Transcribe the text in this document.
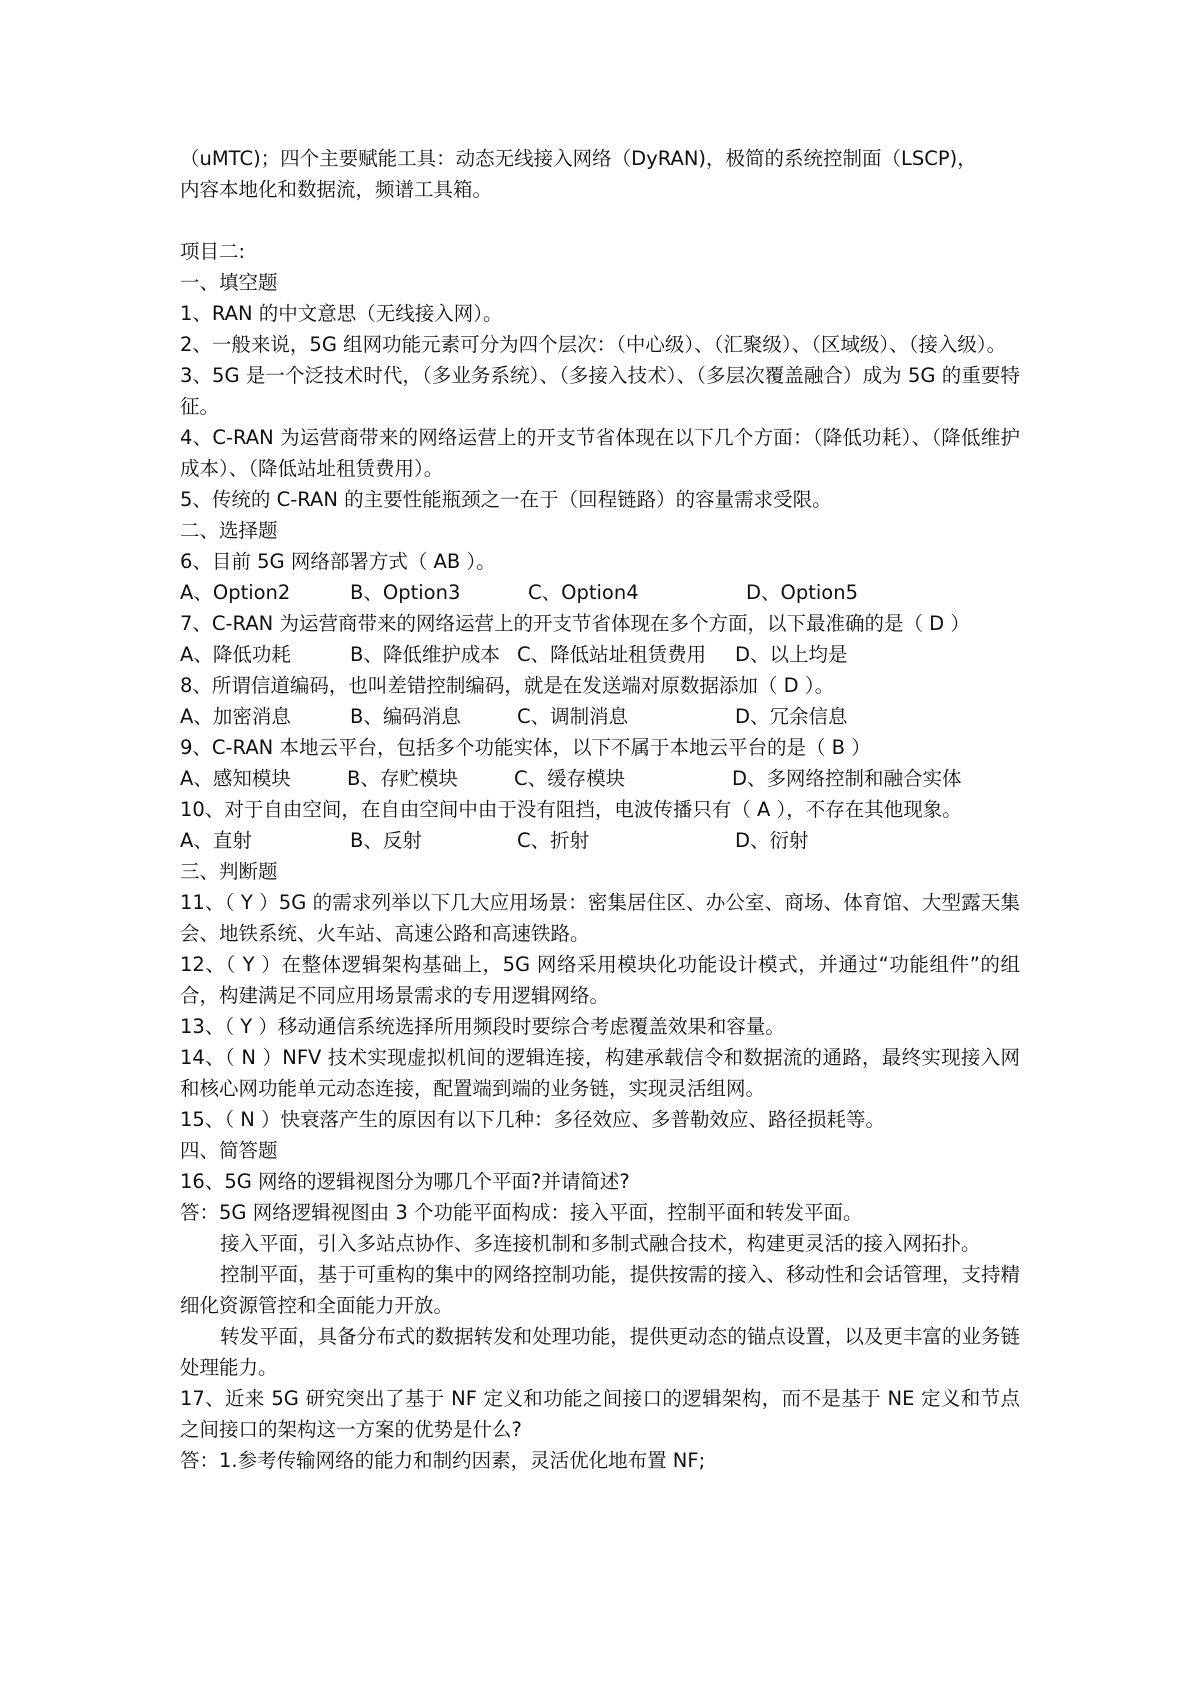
（uMTC)；四个主要赋能工具：动态无线接入网络（DyRAN)，极简的系统控制面（LSCP)，
内容本地化和数据流，频谱工具箱。
项目二:
一、填空题
1、RAN 的中文意思（无线接入网）。
2、一般来说，5G 组网功能元素可分为四个层次：（中心级）、（汇聚级）、（区域级）、（接入级）。
3、5G 是一个泛技术时代，（多业务系统）、（多接入技术）、（多层次覆盖融合）成为 5G 的重要特征。
4、C-RAN 为运营商带来的网络运营上的开支节省体现在以下几个方面：（降低功耗）、（降低维护成本）、（降低站址租赁费用）。
5、传统的 C-RAN 的主要性能瓶颈之一在于（回程链路）的容量需求受限。
二、选择题
6、目前 5G 网络部署方式（ AB ）。
A、Option2	B、Option3	C、Option4	D、Option5
7、C-RAN 为运营商带来的网络运营上的开支节省体现在多个方面，以下最准确的是（ D ）
A、降低功耗	B、降低维护成本 C、降低站址租赁费用	D、以上均是
8、所谓信道编码，也叫差错控制编码，就是在发送端对原数据添加（ D ）。
A、加密消息	B、编码消息	C、调制消息	D、冗余信息
9、C-RAN 本地云平台，包括多个功能实体，以下不属于本地云平台的是（ B ）
A、感知模块	B、存贮模块	C、缓存模块	D、多网络控制和融合实体
10、对于自由空间，在自由空间中由于没有阻挡，电波传播只有（ A ），不存在其他现象。
A、直射	B、反射	C、折射	D、衍射
三、判断题
11、（ Y ）5G 的需求列举以下几大应用场景：密集居住区、办公室、商场、体育馆、大型露天集会、地铁系统、火车站、高速公路和高速铁路。
12、（ Y ）在整体逻辑架构基础上，5G 网络采用模块化功能设计模式，并通过“功能组件”的组合，构建满足不同应用场景需求的专用逻辑网络。
13、（ Y ）移动通信系统选择所用频段时要综合考虑覆盖效果和容量。
14、（ N ）NFV 技术实现虚拟机间的逻辑连接，构建承载信令和数据流的通路，最终实现接入网和核心网功能单元动态连接，配置端到端的业务链，实现灵活组网。
15、（ N ）快衰落产生的原因有以下几种：多径效应、多普勒效应、路径损耗等。
四、简答题
16、5G 网络的逻辑视图分为哪几个平面?并请简述?
答：5G 网络逻辑视图由 3 个功能平面构成：接入平面，控制平面和转发平面。
接入平面，引入多站点协作、多连接机制和多制式融合技术，构建更灵活的接入网拓扑。
控制平面，基于可重构的集中的网络控制功能，提供按需的接入、移动性和会话管理，支持精细化资源管控和全面能力开放。
转发平面，具备分布式的数据转发和处理功能，提供更动态的锚点设置，以及更丰富的业务链处理能力。
17、近来 5G 研究突出了基于 NF 定义和功能之间接口的逻辑架构，而不是基于 NE 定义和节点之间接口的架构这一方案的优势是什么?
答：1.参考传输网络的能力和制约因素，灵活优化地布置 NF;
